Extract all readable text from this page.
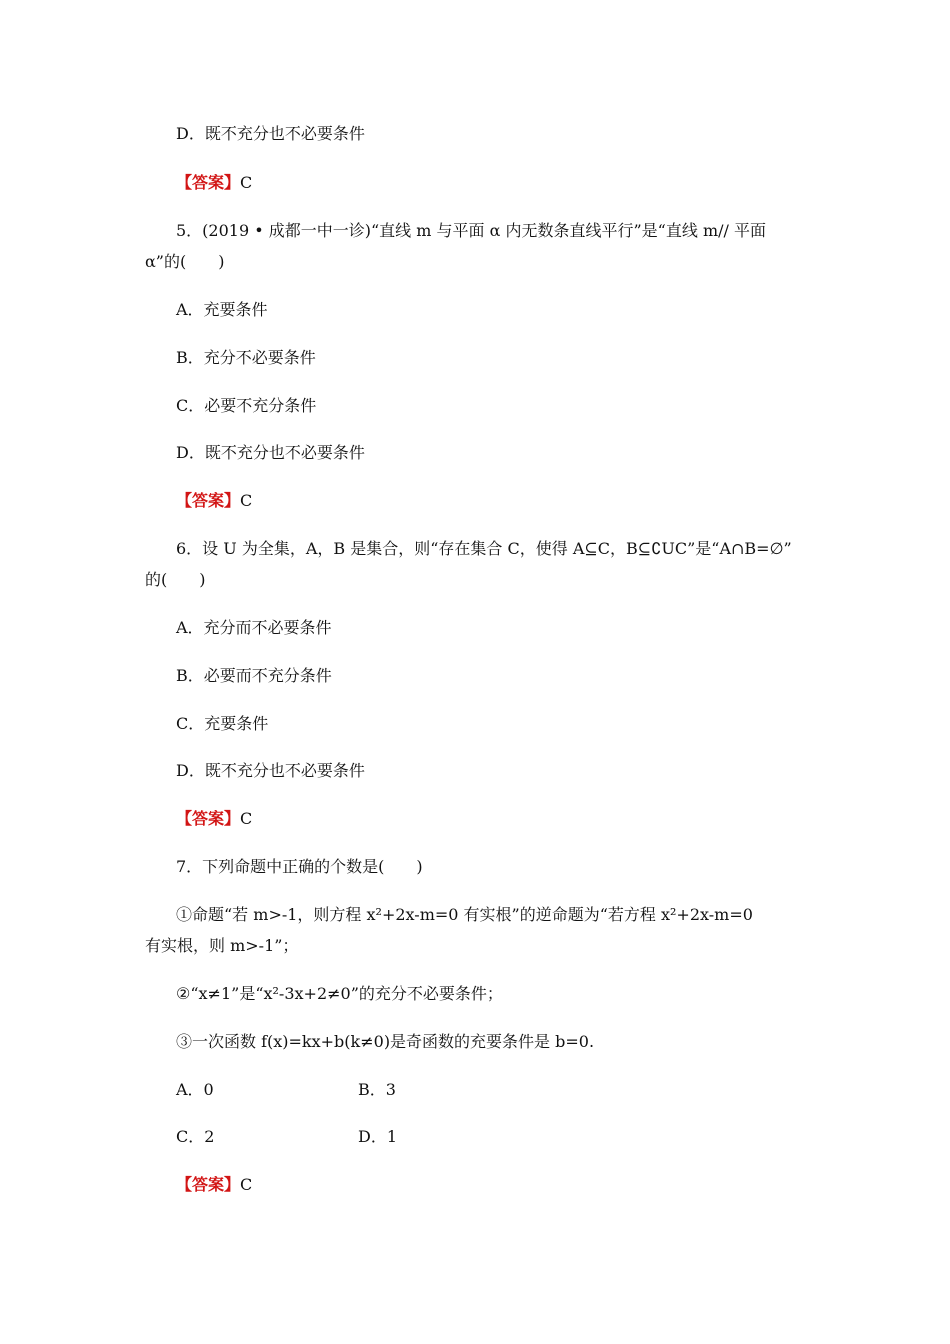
D．既不充分也不必要条件
【答案】C
5．(2019 • 成都一中一诊)“直线 m 与平面 α 内无数条直线平行”是“直线 m// 平面
α”的(　　)
A．充要条件
B．充分不必要条件
C．必要不充分条件
D．既不充分也不必要条件
【答案】C
6．设 U 为全集，A，B 是集合，则“存在集合 C，使得 A⊆C，B⊆∁UC”是“A∩B=∅”
的(　　)
A．充分而不必要条件
B．必要而不充分条件
C．充要条件
D．既不充分也不必要条件
【答案】C
7．下列命题中正确的个数是(　　)
①命题“若 m>-1，则方程 x²+2x-m=0 有实根”的逆命题为“若方程 x²+2x-m=0
有实根，则 m>-1”；
②“x≠1”是“x²-3x+2≠0”的充分不必要条件；
③一次函数 f(x)=kx+b(k≠0)是奇函数的充要条件是 b=0.
A．0	B．3
C．2	D．1
【答案】C
